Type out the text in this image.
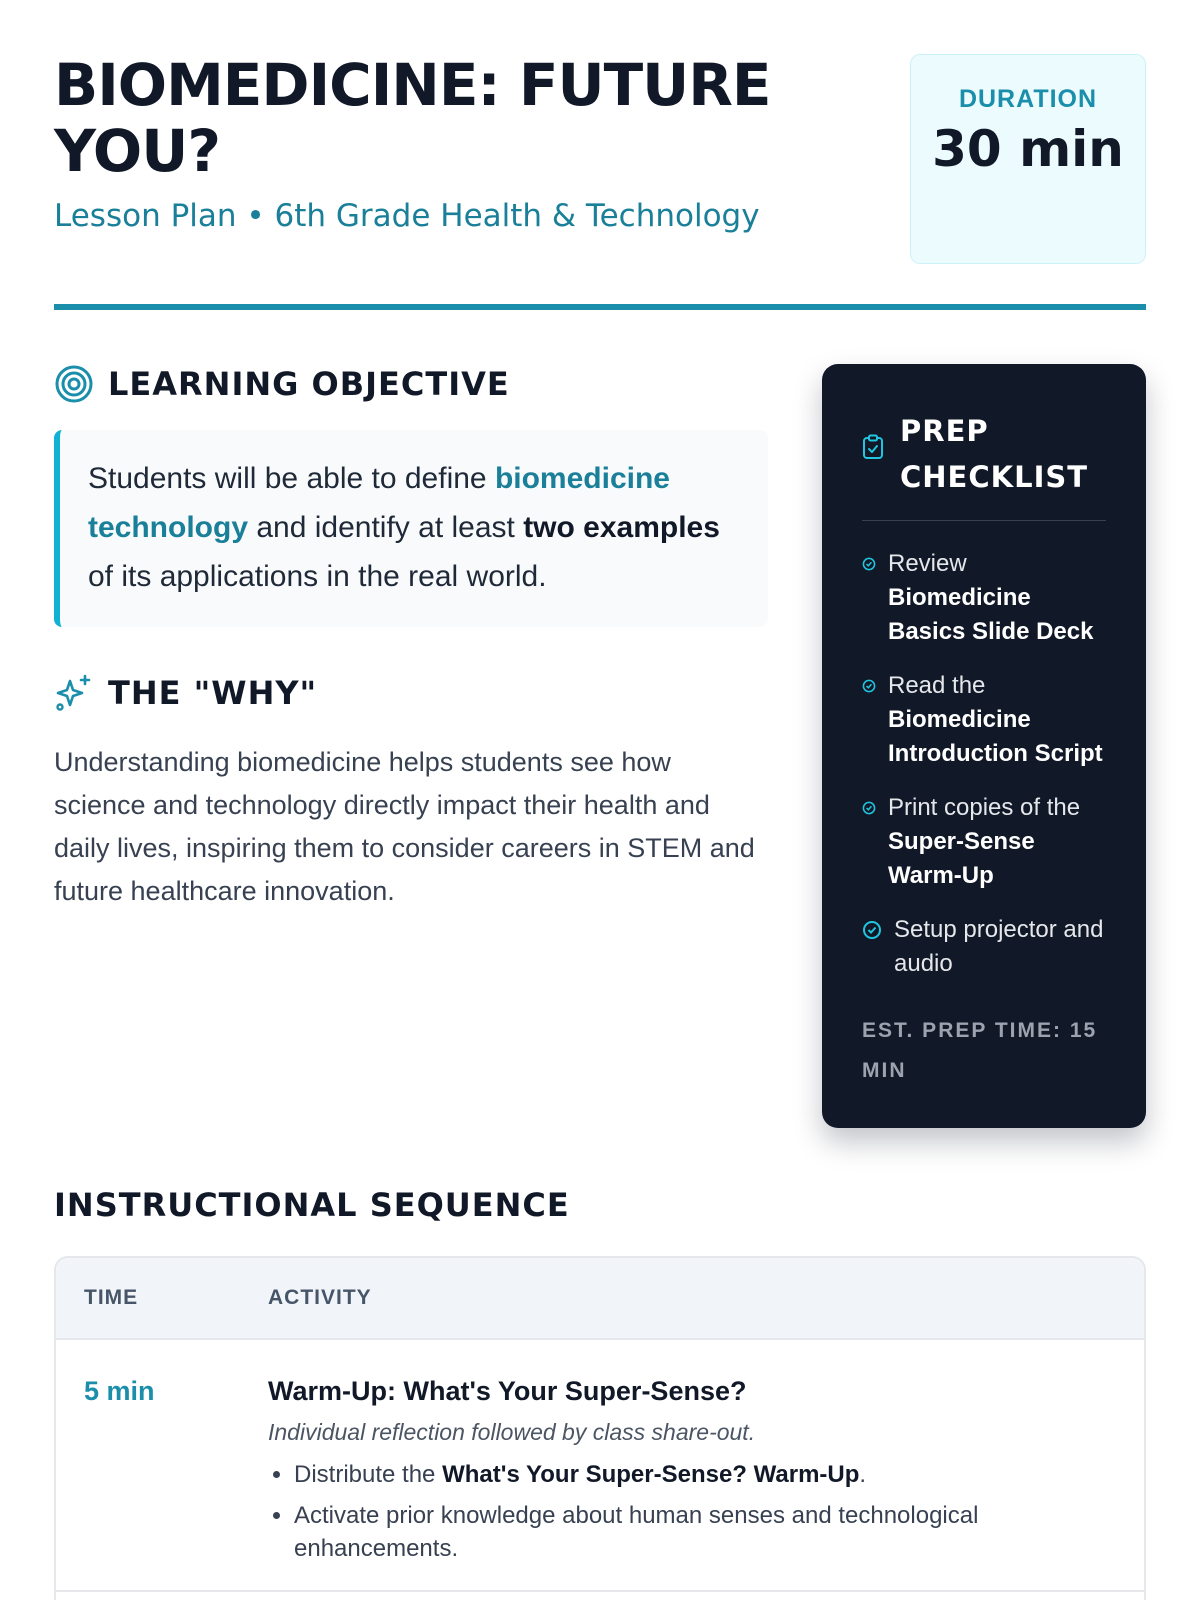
BIOMEDICINE: FUTURE YOU?
Lesson Plan • 6th Grade Health & Technology
DURATION
30 min
LEARNING OBJECTIVE
Students will be able to define biomedicine technology and identify at least two examples of its applications in the real world.
THE "WHY"

Understanding biomedicine helps students see how science and technology directly impact their health and daily lives, inspiring them to consider careers in STEM and future healthcare innovation.

PREP CHECKLIST
Review Biomedicine Basics Slide Deck
Read the Biomedicine Introduction Script
Print copies of the Super-Sense Warm-Up
Setup projector and audio
EST. PREP TIME: 15 MIN
INSTRUCTIONAL SEQUENCE
TIME	ACTIVITY
5 min	Warm-Up: What's Your Super-Sense?
Individual reflection followed by class share-out.
• Distribute the What's Your Super-Sense? Warm-Up.
• Activate prior knowledge about human senses and technological enhancements.
